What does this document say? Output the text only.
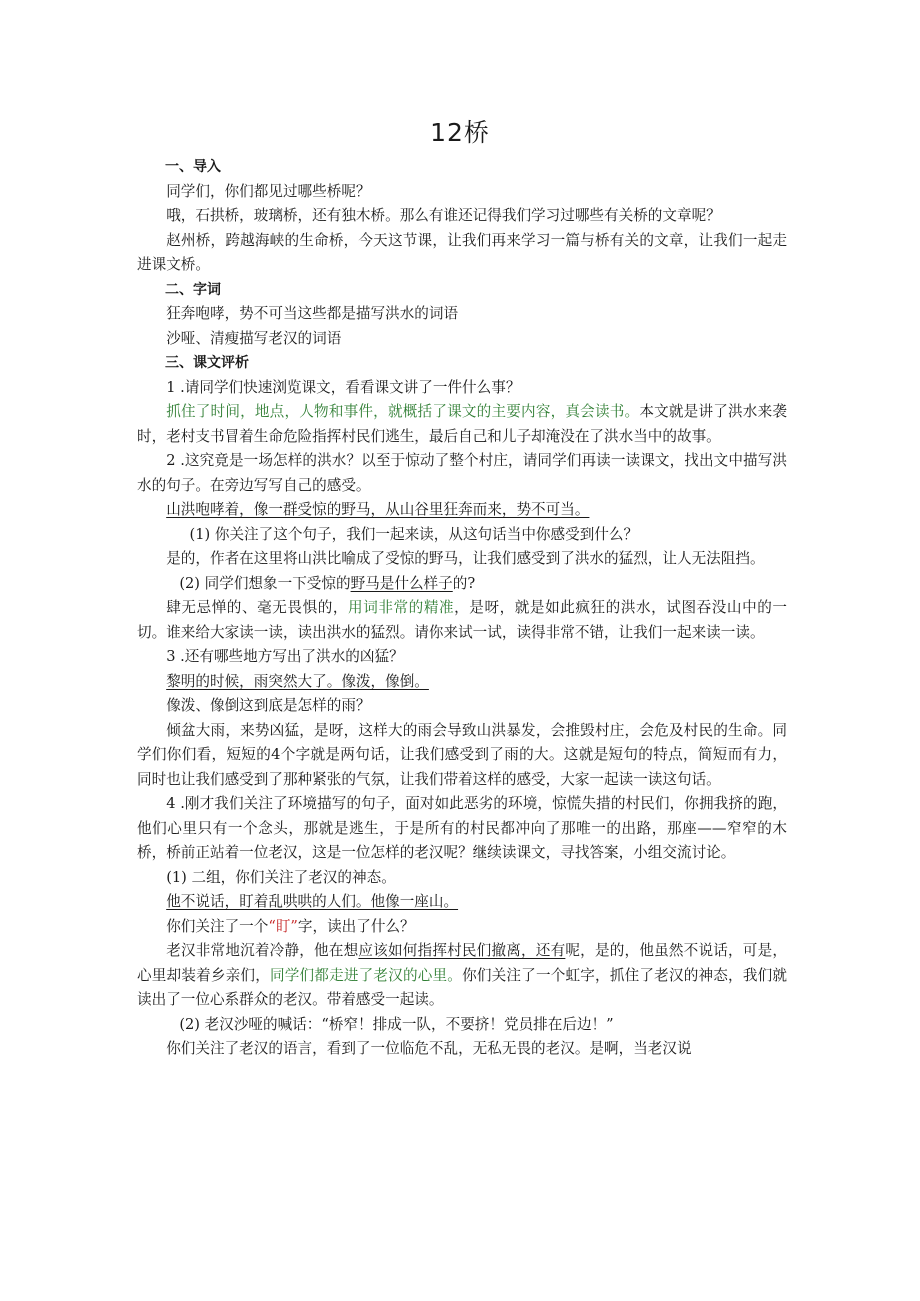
12桥

一、导入

同学们，你们都见过哪些桥呢？

哦，石拱桥，玻璃桥，还有独木桥。那么有谁还记得我们学习过哪些有关桥的文章呢？

赵州桥，跨越海峡的生命桥，今天这节课，让我们再来学习一篇与桥有关的文章，让我们一起走进课文桥。

二、字词

狂奔咆哮，势不可当这些都是描写洪水的词语

沙哑、清瘦描写老汉的词语

三、课文评析

1 .请同学们快速浏览课文，看看课文讲了一件什么事？

抓住了时间，地点，人物和事件，就概括了课文的主要内容，真会读书。本文就是讲了洪水来袭时，老村支书冒着生命危险指挥村民们逃生，最后自己和儿子却淹没在了洪水当中的故事。

2 .这究竟是一场怎样的洪水？以至于惊动了整个村庄，请同学们再读一读课文，找出文中描写洪水的句子。在旁边写写自己的感受。

山洪咆哮着，像一群受惊的野马，从山谷里狂奔而来，势不可当。

(1) 你关注了这个句子，我们一起来读，从这句话当中你感受到什么？

是的，作者在这里将山洪比喻成了受惊的野马，让我们感受到了洪水的猛烈，让人无法阻挡。

(2) 同学们想象一下受惊的野马是什么样子的?

肆无忌惮的、毫无畏惧的，用词非常的精准，是呀，就是如此疯狂的洪水，试图吞没山中的一切。谁来给大家读一读，读出洪水的猛烈。请你来试一试，读得非常不错，让我们一起来读一读。

3 .还有哪些地方写出了洪水的凶猛？

黎明的时候，雨突然大了。像泼，像倒。

像泼、像倒这到底是怎样的雨？

倾盆大雨，来势凶猛，是呀，这样大的雨会导致山洪暴发，会推毁村庄，会危及村民的生命。同学们你们看，短短的4个字就是两句话，让我们感受到了雨的大。这就是短句的特点，简短而有力，同时也让我们感受到了那种紧张的气氛，让我们带着这样的感受，大家一起读一读这句话。

4 .刚才我们关注了环境描写的句子，面对如此恶劣的环境，惊慌失措的村民们，你拥我挤的跑，他们心里只有一个念头，那就是逃生，于是所有的村民都冲向了那唯一的出路，那座——窄窄的木桥，桥前正站着一位老汉，这是一位怎样的老汉呢？继续读课文，寻找答案，小组交流讨论。

(1) 二组，你们关注了老汉的神态。

他不说话，盯着乱哄哄的人们。他像一座山。

你们关注了一个“盯”字，读出了什么？

老汉非常地沉着冷静，他在想应该如何指挥村民们撤离，还有呢，是的，他虽然不说话，可是，心里却装着乡亲们，同学们都走进了老汉的心里。你们关注了一个虹字，抓住了老汉的神态，我们就读出了一位心系群众的老汉。带着感受一起读。

(2) 老汉沙哑的喊话：“桥窄！排成一队，不要挤！党员排在后边！”

你们关注了老汉的语言，看到了一位临危不乱，无私无畏的老汉。是啊，当老汉说
